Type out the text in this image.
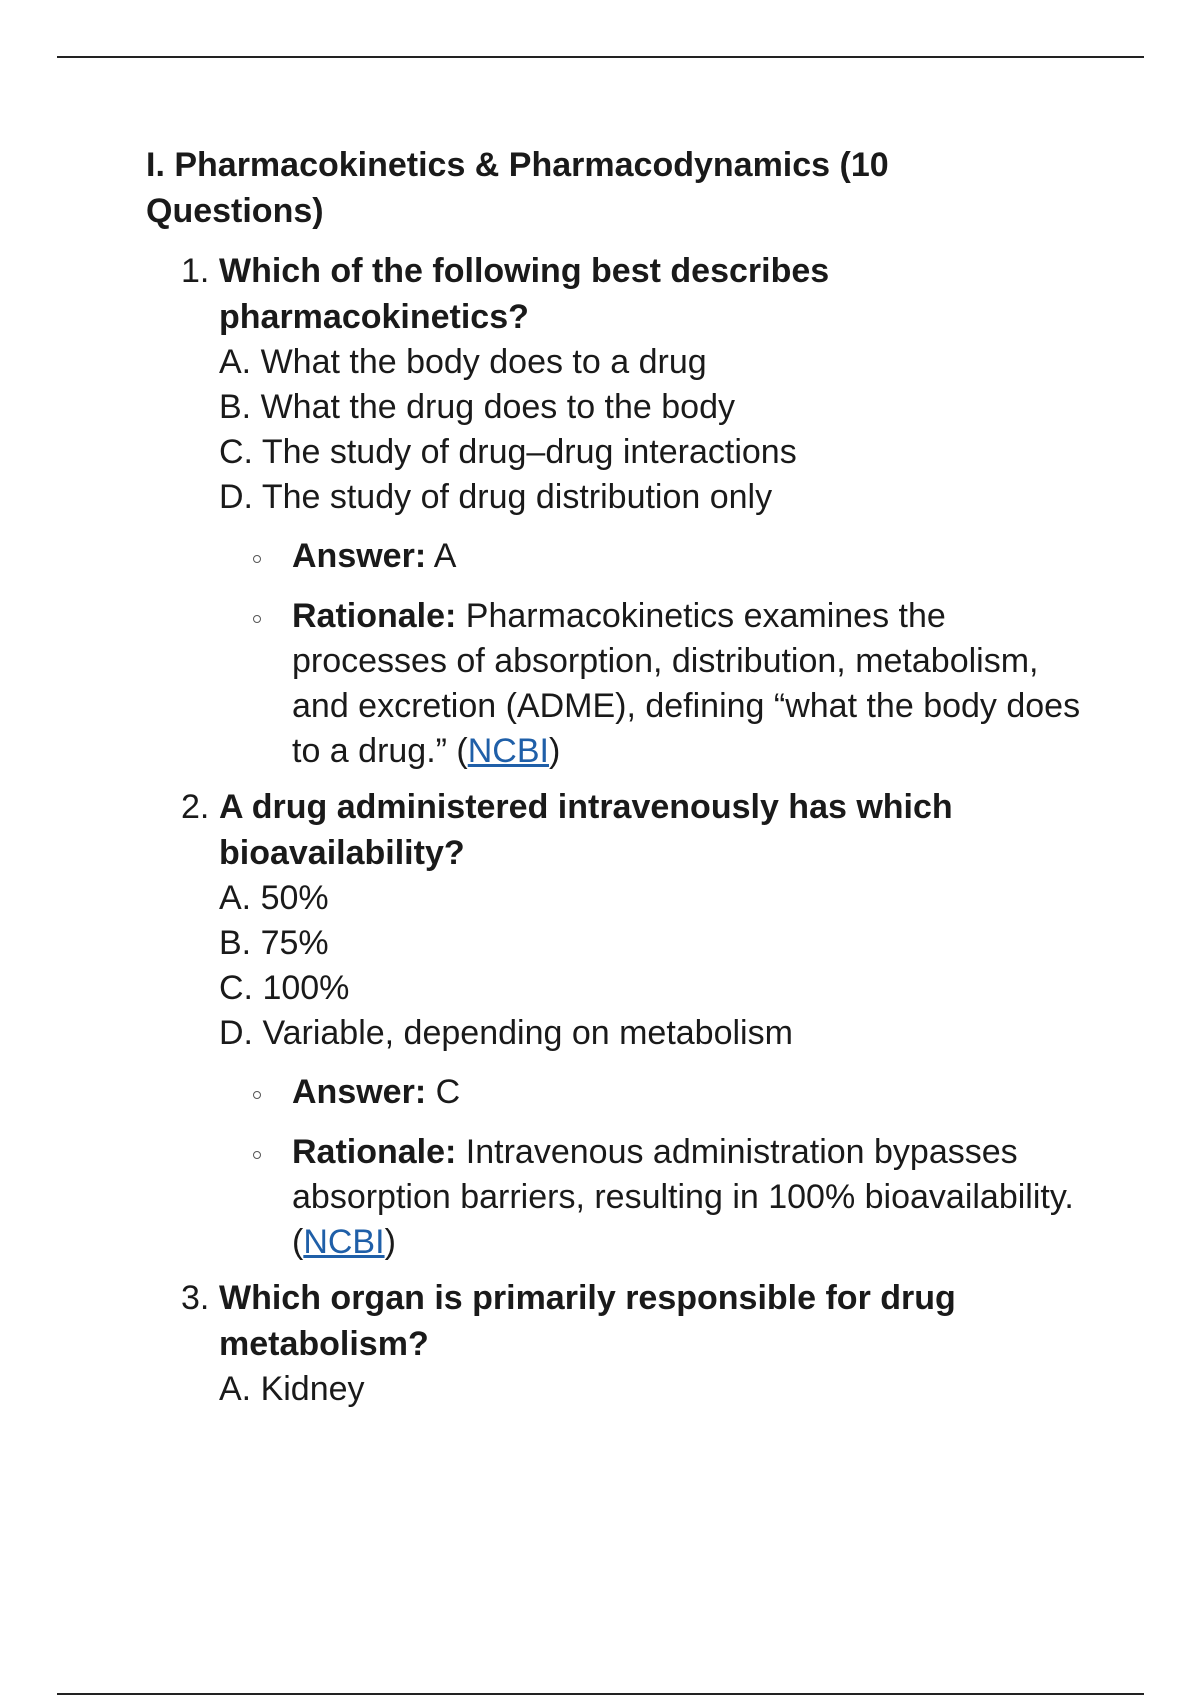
I. Pharmacokinetics & Pharmacodynamics (10 Questions)
1. Which of the following best describes pharmacokinetics?
A. What the body does to a drug
B. What the drug does to the body
C. The study of drug–drug interactions
D. The study of drug distribution only
Answer: A
Rationale: Pharmacokinetics examines the processes of absorption, distribution, metabolism, and excretion (ADME), defining “what the body does to a drug.” (NCBI)
2. A drug administered intravenously has which bioavailability?
A. 50%
B. 75%
C. 100%
D. Variable, depending on metabolism
Answer: C
Rationale: Intravenous administration bypasses absorption barriers, resulting in 100% bioavailability. (NCBI)
3. Which organ is primarily responsible for drug metabolism?
A. Kidney
